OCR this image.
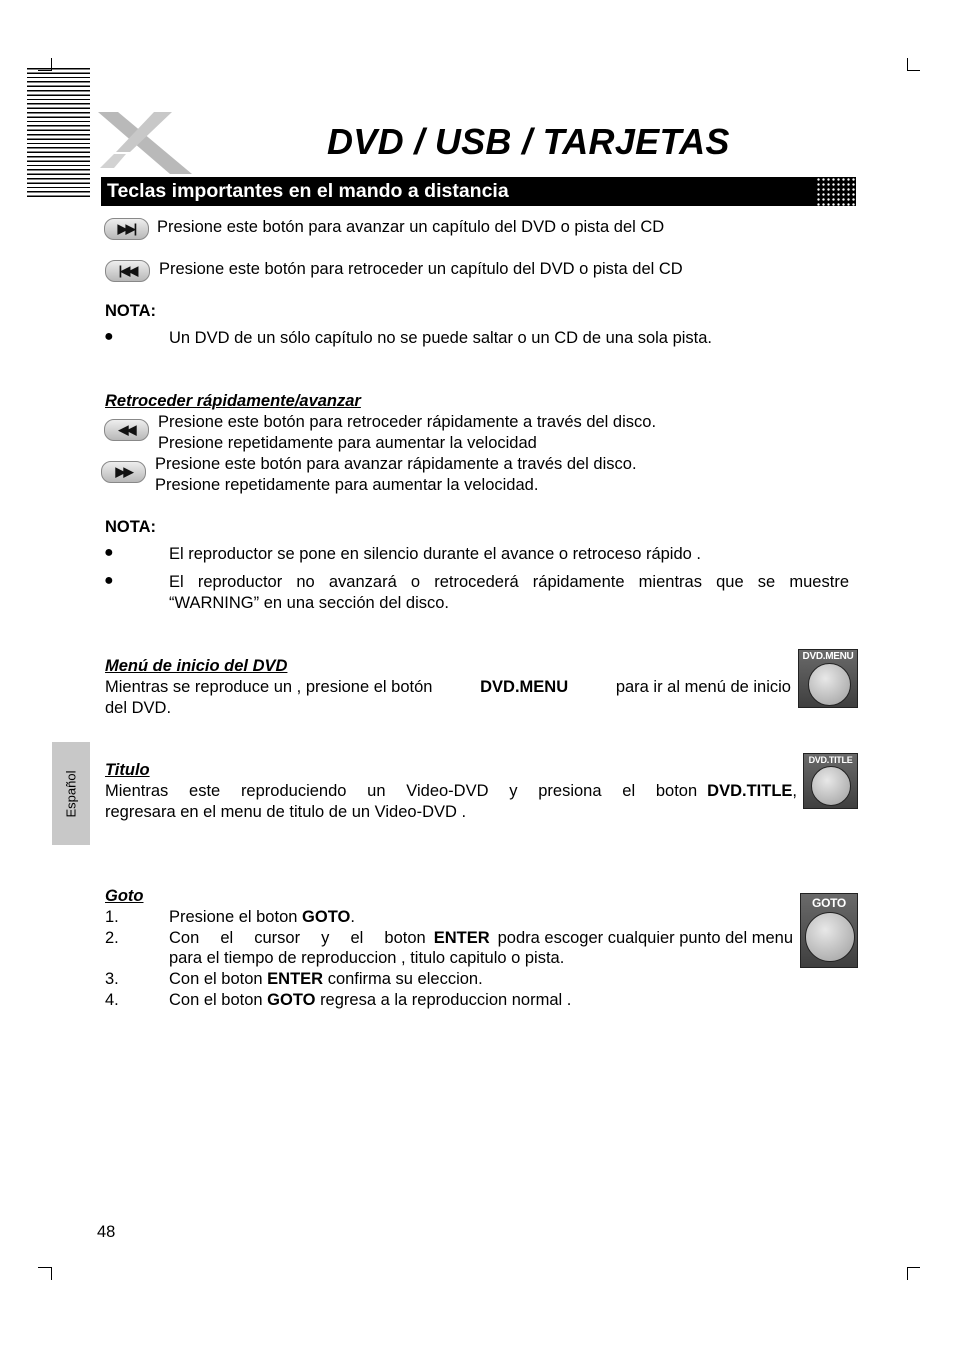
DVD / USB / TARJETAS
Teclas importantes en el mando a distancia
▶▶|	Presione este botón para avanzar un capítulo del DVD o pista del CD
|◀◀	Presione este botón para retroceder un capítulo del DVD o pista del CD
NOTA:
●	Un DVD de un sólo capítulo no se puede saltar o un CD de una sola pista.
Retroceder rápidamente/avanzar
◀◀	Presione este botón para retroceder rápidamente a través del disco.
Presione repetidamente para aumentar la velocidad
▶▶	Presione este botón para avanzar rápidamente a través del disco.
Presione repetidamente para aumentar la velocidad.
NOTA:
●	El reproductor se pone en silencio durante el avance o retroceso rápido .
●	El reproductor no avanzará o retrocederá rápidamente mientras que se muestre
“WARNING” en una sección del disco.
Menú de inicio del DVD
Mientras se reproduce un , presione el botón	DVD.MENU	para ir al menú de inicio
del DVD.
DVD.MENU
Titulo
Mientras este reproduciendo un Video-DVD y presiona el boton DVD.TITLE,
regresara en el menu de titulo de un Video-DVD .
DVD.TITLE
Goto
1.	Presione el boton GOTO.
2.	Con el cursor y el boton ENTER podra escoger cualquier punto del menu
para el tiempo de reproduccion , titulo capitulo o pista.
3.	Con el boton ENTER confirma su eleccion.
4.	Con el boton GOTO regresa a la reproduccion normal .
GOTO
Español
48
